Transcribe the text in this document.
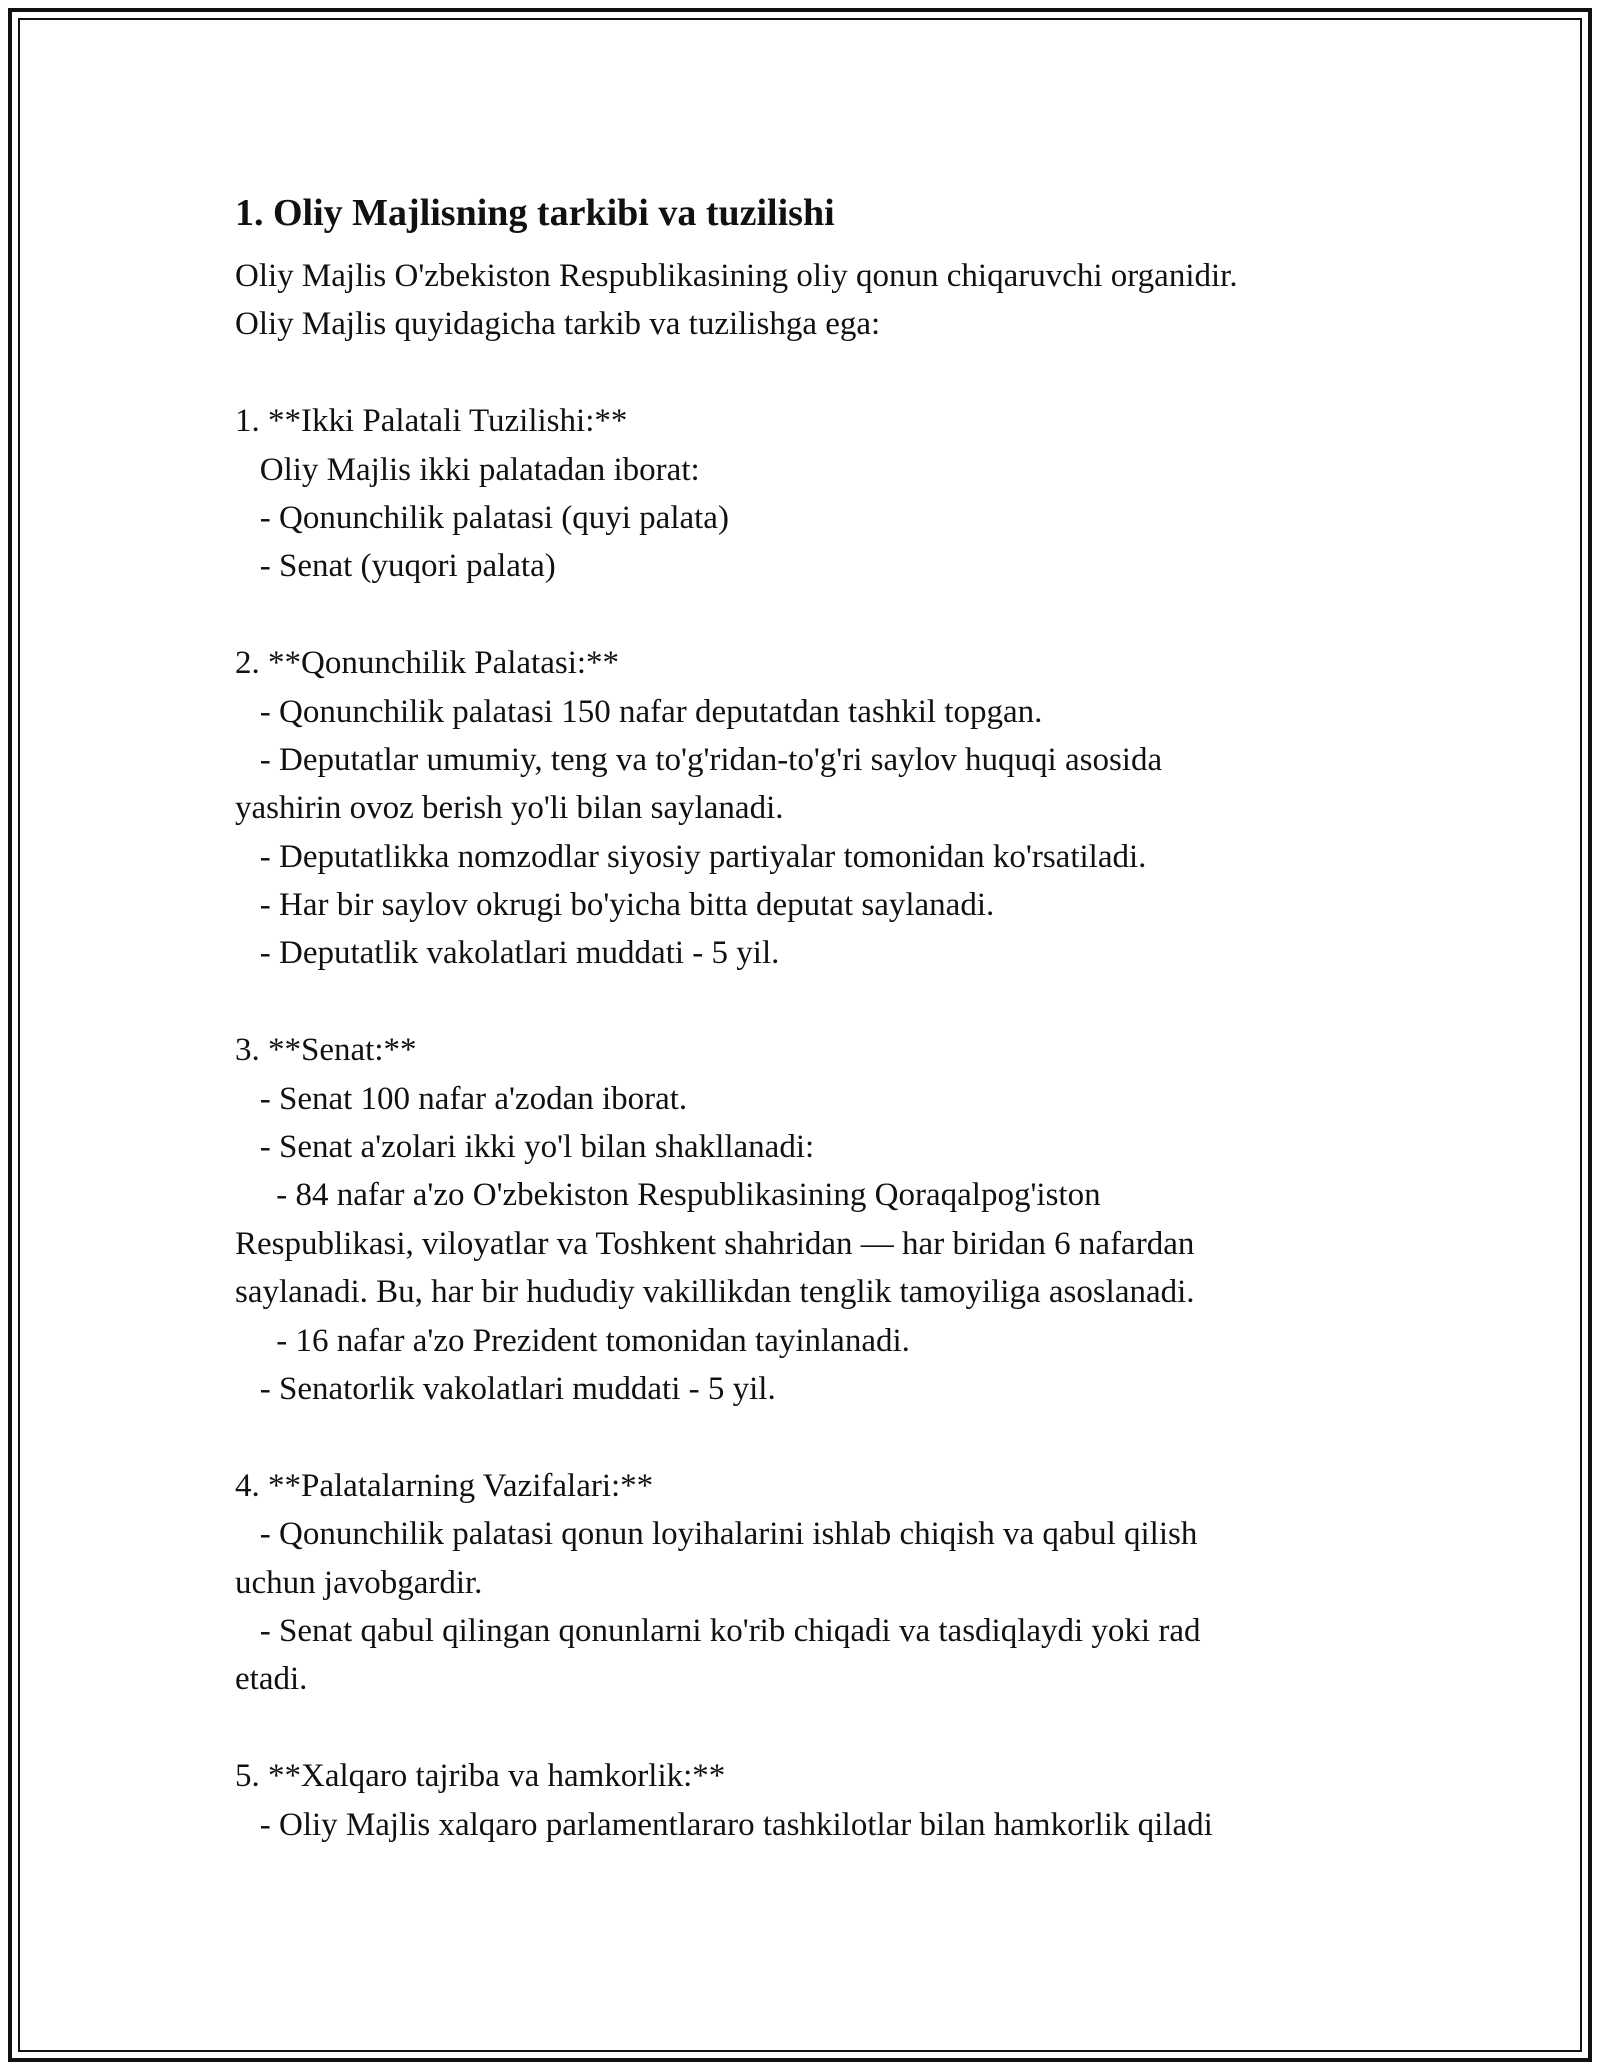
1. Oliy Majlisning tarkibi va tuzilishi
Oliy Majlis O'zbekiston Respublikasining oliy qonun chiqaruvchi organidir.
Oliy Majlis quyidagicha tarkib va tuzilishga ega:
1. **Ikki Palatali Tuzilishi:**
Oliy Majlis ikki palatadan iborat:
- Qonunchilik palatasi (quyi palata)
- Senat (yuqori palata)
2. **Qonunchilik Palatasi:**
- Qonunchilik palatasi 150 nafar deputatdan tashkil topgan.
- Deputatlar umumiy, teng va to'g'ridan-to'g'ri saylov huquqi asosida
yashirin ovoz berish yo'li bilan saylanadi.
- Deputatlikka nomzodlar siyosiy partiyalar tomonidan ko'rsatiladi.
- Har bir saylov okrugi bo'yicha bitta deputat saylanadi.
- Deputatlik vakolatlari muddati - 5 yil.
3. **Senat:**
- Senat 100 nafar a'zodan iborat.
- Senat a'zolari ikki yo'l bilan shakllanadi:
- 84 nafar a'zo O'zbekiston Respublikasining Qoraqalpog'iston
Respublikasi, viloyatlar va Toshkent shahridan — har biridan 6 nafardan
saylanadi. Bu, har bir hududiy vakillikdan tenglik tamoyiliga asoslanadi.
- 16 nafar a'zo Prezident tomonidan tayinlanadi.
- Senatorlik vakolatlari muddati - 5 yil.
4. **Palatalarning Vazifalari:**
- Qonunchilik palatasi qonun loyihalarini ishlab chiqish va qabul qilish
uchun javobgardir.
- Senat qabul qilingan qonunlarni ko'rib chiqadi va tasdiqlaydi yoki rad
etadi.
5. **Xalqaro tajriba va hamkorlik:**
- Oliy Majlis xalqaro parlamentlararo tashkilotlar bilan hamkorlik qiladi
